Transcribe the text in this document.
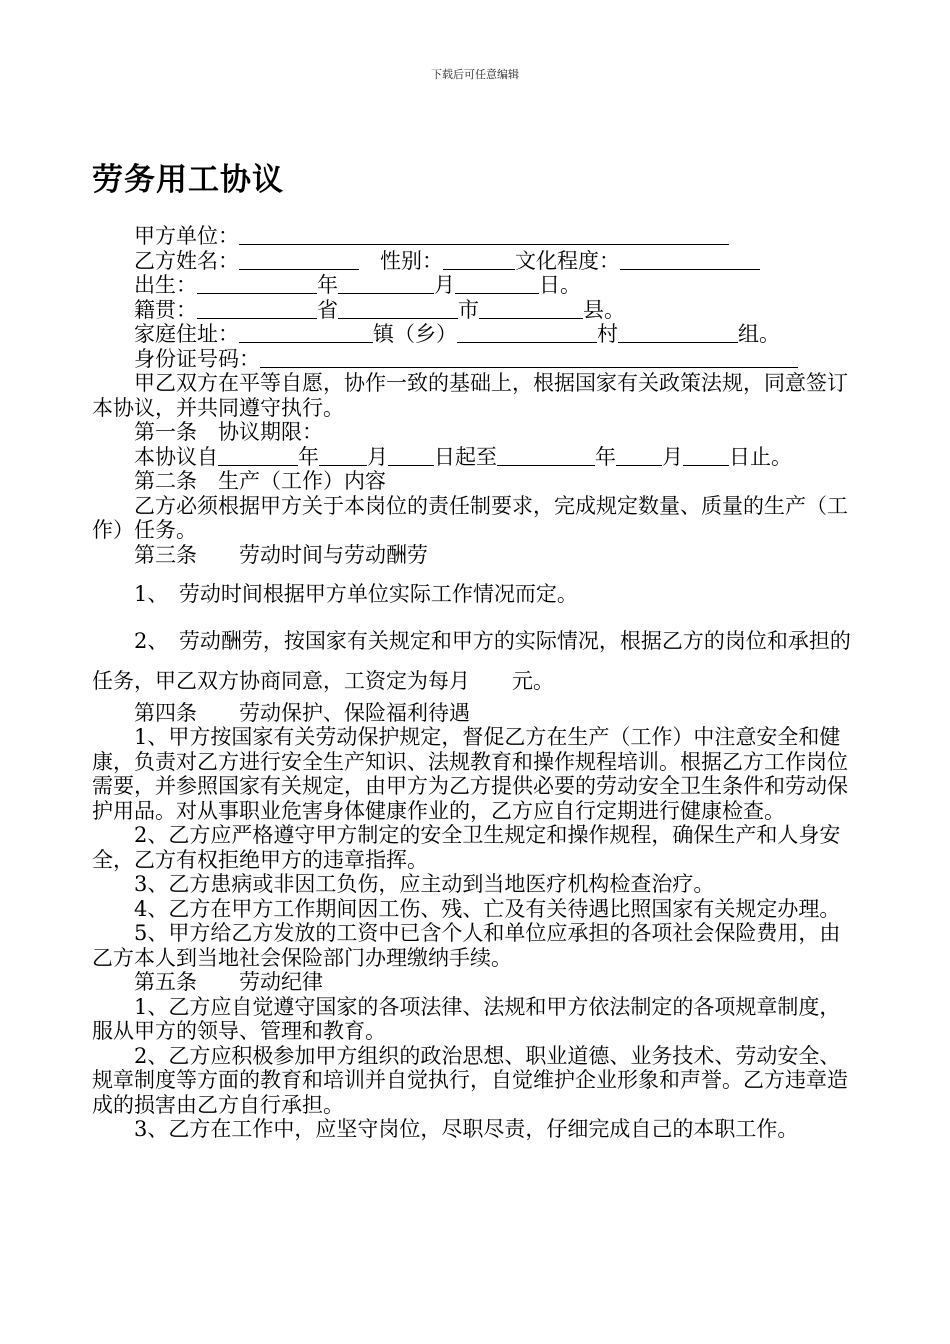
下载后可任意编辑
劳务用工协议
甲方单位：
乙方姓名：　	性别：	文化程度：
出生：	年	月	日。
籍贯：	省	市	县。
家庭住址：	镇（乡）	村	组。
身份证号码：

甲乙双方在平等自愿，协作一致的基础上，根据国家有关政策法规，同意签订本协议，并共同遵守执行。

第一条　协议期限：
本协议自	年 月 日起至	年 月 日止。
第二条　生产（工作）内容

乙方必须根据甲方关于本岗位的责任制要求，完成规定数量、质量的生产（工作）任务。

第三条　　劳动时间与劳动酬劳
1、　劳动时间根据甲方单位实际工作情况而定。

2、　劳动酬劳，按国家有关规定和甲方的实际情况，根据乙方的岗位和承担的任务，甲乙双方协商同意，工资定为每月　　元。

第四条　　劳动保护、保险福利待遇

1、甲方按国家有关劳动保护规定，督促乙方在生产（工作）中注意安全和健康，负责对乙方进行安全生产知识、法规教育和操作规程培训。根据乙方工作岗位需要，并参照国家有关规定，由甲方为乙方提供必要的劳动安全卫生条件和劳动保护用品。对从事职业危害身体健康作业的，乙方应自行定期进行健康检查。

2、乙方应严格遵守甲方制定的安全卫生规定和操作规程，确保生产和人身安全，乙方有权拒绝甲方的违章指挥。

3、乙方患病或非因工负伤，应主动到当地医疗机构检查治疗。

4、乙方在甲方工作期间因工伤、残、亡及有关待遇比照国家有关规定办理。

5、甲方给乙方发放的工资中已含个人和单位应承担的各项社会保险费用，由乙方本人到当地社会保险部门办理缴纳手续。

第五条　　劳动纪律

1、乙方应自觉遵守国家的各项法律、法规和甲方依法制定的各项规章制度，服从甲方的领导、管理和教育。

2、乙方应积极参加甲方组织的政治思想、职业道德、业务技术、劳动安全、规章制度等方面的教育和培训并自觉执行，自觉维护企业形象和声誉。乙方违章造成的损害由乙方自行承担。

3、乙方在工作中，应坚守岗位，尽职尽责，仔细完成自己的本职工作。
